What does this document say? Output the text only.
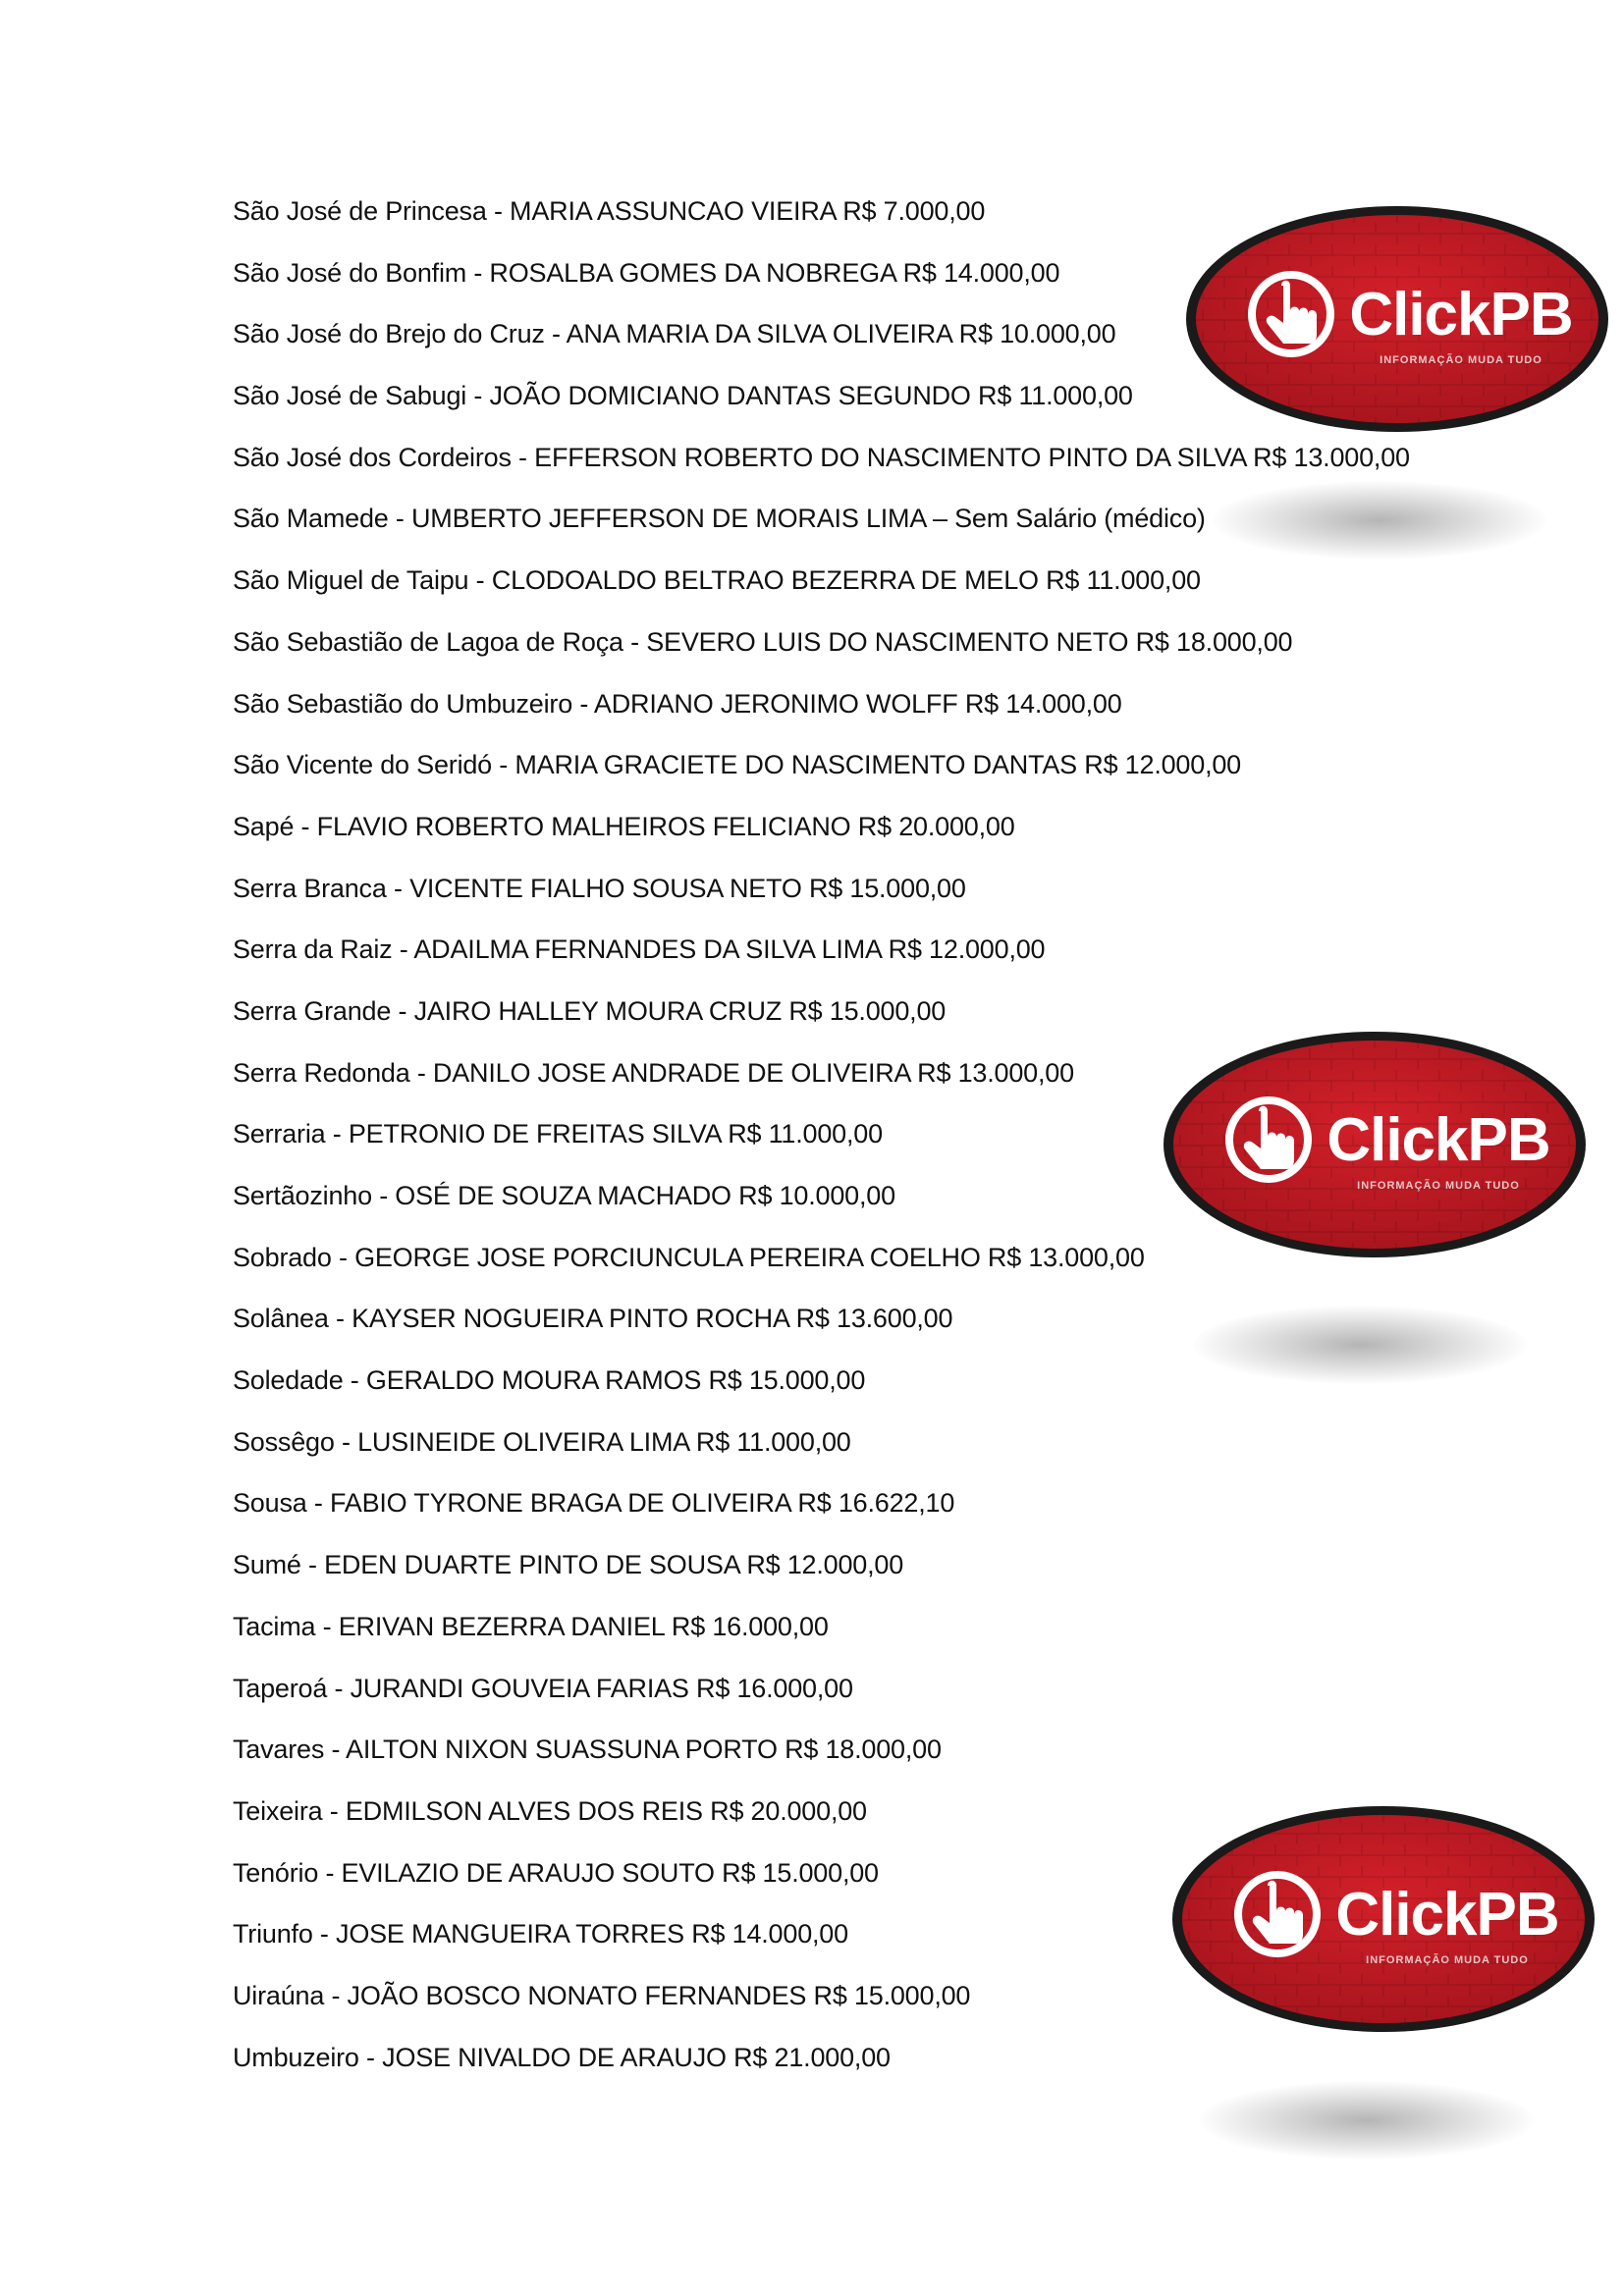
São José de Princesa - MARIA ASSUNCAO VIEIRA R$ 7.000,00
São José do Bonfim - ROSALBA GOMES DA NOBREGA R$ 14.000,00
São José do Brejo do Cruz - ANA MARIA DA SILVA OLIVEIRA R$ 10.000,00
São José de Sabugi - JOÃO DOMICIANO DANTAS SEGUNDO R$ 11.000,00
São José dos Cordeiros - EFFERSON ROBERTO DO NASCIMENTO PINTO DA SILVA R$ 13.000,00
São Mamede - UMBERTO JEFFERSON DE MORAIS LIMA – Sem Salário (médico)
São Miguel de Taipu - CLODOALDO BELTRAO BEZERRA DE MELO R$ 11.000,00
São Sebastião de Lagoa de Roça - SEVERO LUIS DO NASCIMENTO NETO R$ 18.000,00
São Sebastião do Umbuzeiro - ADRIANO JERONIMO WOLFF R$ 14.000,00
São Vicente do Seridó - MARIA GRACIETE DO NASCIMENTO DANTAS R$ 12.000,00
Sapé - FLAVIO ROBERTO MALHEIROS FELICIANO R$ 20.000,00
Serra Branca - VICENTE FIALHO SOUSA NETO R$ 15.000,00
Serra da Raiz - ADAILMA FERNANDES DA SILVA LIMA R$ 12.000,00
Serra Grande - JAIRO HALLEY MOURA CRUZ R$ 15.000,00
Serra Redonda - DANILO JOSE ANDRADE DE OLIVEIRA R$ 13.000,00
Serraria - PETRONIO DE FREITAS SILVA R$ 11.000,00
Sertãozinho - OSÉ DE SOUZA MACHADO R$ 10.000,00
Sobrado - GEORGE JOSE PORCIUNCULA PEREIRA COELHO R$ 13.000,00
Solânea - KAYSER NOGUEIRA PINTO ROCHA R$ 13.600,00
Soledade - GERALDO MOURA RAMOS R$ 15.000,00
Sossêgo - LUSINEIDE OLIVEIRA LIMA R$ 11.000,00
Sousa - FABIO TYRONE BRAGA DE OLIVEIRA R$ 16.622,10
Sumé - EDEN DUARTE PINTO DE SOUSA R$ 12.000,00
Tacima - ERIVAN BEZERRA DANIEL R$ 16.000,00
Taperoá - JURANDI GOUVEIA FARIAS R$ 16.000,00
Tavares - AILTON NIXON SUASSUNA PORTO R$ 18.000,00
Teixeira - EDMILSON ALVES DOS REIS R$ 20.000,00
Tenório - EVILAZIO DE ARAUJO SOUTO R$ 15.000,00
Triunfo - JOSE MANGUEIRA TORRES R$ 14.000,00
Uiraúna - JOÃO BOSCO NONATO FERNANDES R$ 15.000,00
Umbuzeiro - JOSE NIVALDO DE ARAUJO R$ 21.000,00
ClickPB
INFORMAÇÃO MUDA TUDO
ClickPB
INFORMAÇÃO MUDA TUDO
ClickPB
INFORMAÇÃO MUDA TUDO
